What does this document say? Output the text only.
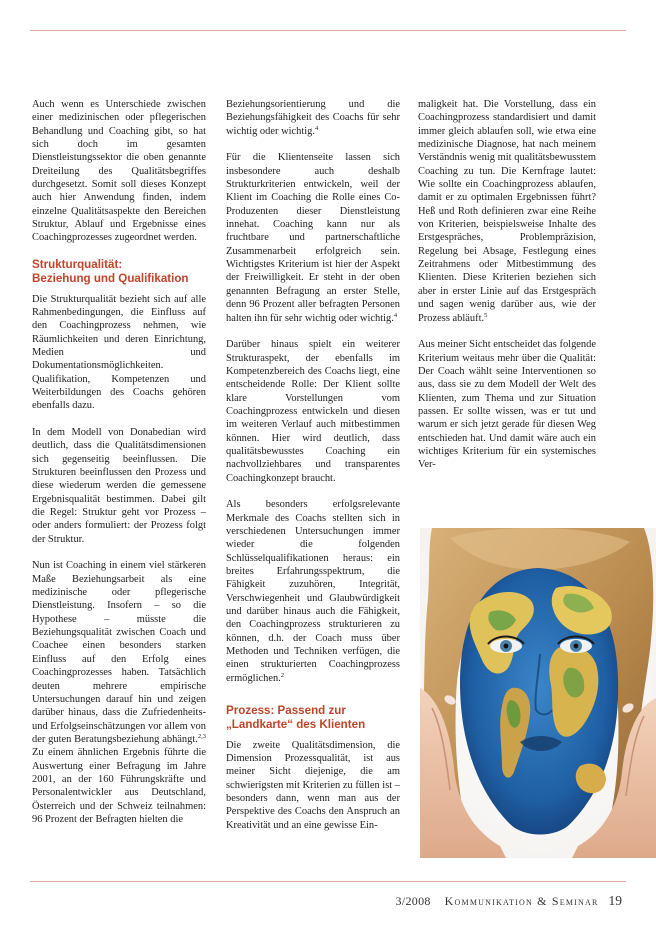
Auch wenn es Unterschiede zwischen einer medizinischen oder pflegerischen Behandlung und Coaching gibt, so hat sich doch im gesamten Dienstleistungssektor die oben genannte Dreiteilung des Qualitätsbegriffes durchgesetzt. Somit soll dieses Konzept auch hier Anwendung finden, indem einzelne Qualitätsaspekte den Bereichen Struktur, Ablauf und Ergebnisse eines Coachingprozesses zugeordnet werden.

Strukturqualität:
Beziehung und Qualifikation

Die Strukturqualität bezieht sich auf alle Rahmenbedingungen, die Einfluss auf den Coachingprozess nehmen, wie Räumlichkeiten und deren Einrichtung, Medien und Dokumentationsmöglichkeiten. Qualifikation, Kompetenzen und Weiterbildungen des Coachs gehören ebenfalls dazu.

In dem Modell von Donabedian wird deutlich, dass die Qualitätsdimensionen sich gegenseitig beeinflussen. Die Strukturen beeinflussen den Prozess und diese wiederum werden die gemessene Ergebnisqualität bestimmen. Dabei gilt die Regel: Struktur geht vor Prozess – oder anders formuliert: der Prozess folgt der Struktur.

Nun ist Coaching in einem viel stärkeren Maße Beziehungsarbeit als eine medizinische oder pflegerische Dienstleistung. Insofern – so die Hypothese – müsste die Beziehungsqualität zwischen Coach und Coachee einen besonders starken Einfluss auf den Erfolg eines Coachingprozesses haben. Tatsächlich deuten mehrere empirische Untersuchungen darauf hin und zeigen darüber hinaus, dass die Zufriedenheits- und Erfolgseinschätzungen vor allem von der guten Beratungsbeziehung abhängt.$^{2,3}$ Zu einem ähnlichen Ergebnis führte die Auswertung einer Befragung im Jahre 2001, an der 160 Führungskräfte und Personalentwickler aus Deutschland, Österreich und der Schweiz teilnahmen: 96 Prozent der Befragten hielten die

Beziehungsorientierung und die Beziehungsfähigkeit des Coachs für sehr wichtig oder wichtig.$^4$

Für die Klientenseite lassen sich insbesondere auch deshalb Strukturkriterien entwickeln, weil der Klient im Coaching die Rolle eines Co-Produzenten dieser Dienstleistung innehat. Coaching kann nur als fruchtbare und partnerschaftliche Zusammenarbeit erfolgreich sein. Wichtigstes Kriterium ist hier der Aspekt der Freiwilligkeit. Er steht in der oben genannten Befragung an erster Stelle, denn 96 Prozent aller befragten Personen halten ihn für sehr wichtig oder wichtig.$^4$

Darüber hinaus spielt ein weiterer Strukturaspekt, der ebenfalls im Kompetenzbereich des Coachs liegt, eine entscheidende Rolle: Der Klient sollte klare Vorstellungen vom Coachingprozess entwickeln und diesen im weiteren Verlauf auch mitbestimmen können. Hier wird deutlich, dass qualitätsbewusstes Coaching ein nachvollziehbares und transparentes Coachingkonzept braucht.

Als besonders erfolgsrelevante Merkmale des Coachs stellten sich in verschiedenen Untersuchungen immer wieder die folgenden Schlüsselqualifikationen heraus: ein breites Erfahrungsspektrum, die Fähigkeit zuzuhören, Integrität, Verschwiegenheit und Glaubwürdigkeit und darüber hinaus auch die Fähigkeit, den Coachingprozess strukturieren zu können, d.h. der Coach muss über Methoden und Techniken verfügen, die einen strukturierten Coachingprozess ermöglichen.$^2$

Prozess: Passend zur
„Landkarte“ des Klienten

Die zweite Qualitätsdimension, die Dimension Prozessqualität, ist aus meiner Sicht diejenige, die am schwierigsten mit Kriterien zu füllen ist – besonders dann, wenn man aus der Perspektive des Coachs den Anspruch an Kreativität und an eine gewisse Ein-

maligkeit hat. Die Vorstellung, dass ein Coachingprozess standardisiert und damit immer gleich ablaufen soll, wie etwa eine medizinische Diagnose, hat nach meinem Verständnis wenig mit qualitätsbewusstem Coaching zu tun. Die Kernfrage lautet: Wie sollte ein Coachingprozess ablaufen, damit er zu optimalen Ergebnissen führt? Heß und Roth definieren zwar eine Reihe von Kriterien, beispielsweise Inhalte des Erstgespräches, Problempräzision, Regelung bei Absage, Festlegung eines Zeitrahmens oder Mitbestimmung des Klienten. Diese Kriterien beziehen sich aber in erster Linie auf das Erstgespräch und sagen wenig darüber aus, wie der Prozess abläuft.$^5$

Aus meiner Sicht entscheidet das folgende Kriterium weitaus mehr über die Qualität: Der Coach wählt seine Interventionen so aus, dass sie zu dem Modell der Welt des Klienten, zum Thema und zur Situation passen. Er sollte wissen, was er tut und warum er sich jetzt gerade für diesen Weg entschieden hat. Und damit wäre auch ein wichtiges Kriterium für ein systemisches Ver-

3/2008 Kommunikation & Seminar 19
